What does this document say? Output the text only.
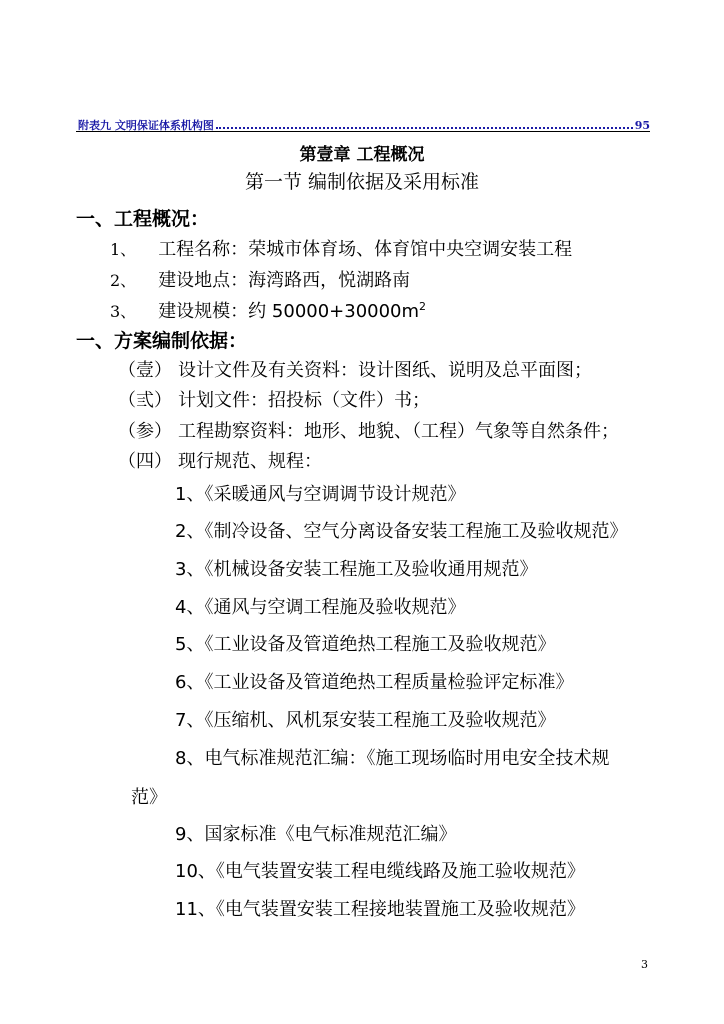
附表九 文明保证体系机构图	95
第壹章 工程概况
第一节 编制依据及采用标准
一、工程概况：
1、 工程名称：荣城市体育场、体育馆中央空调安装工程
2、 建设地点：海湾路西，悦湖路南
3、 建设规模：约 $50000+30000m^2$
一、方案编制依据：
（壹） 设计文件及有关资料：设计图纸、说明及总平面图；
（弎） 计划文件：招投标（文件）书；
（参） 工程勘察资料：地形、地貌、（工程）气象等自然条件；
（四） 现行规范、规程：
1、《采暖通风与空调调节设计规范》
2、《制冷设备、空气分离设备安装工程施工及验收规范》
3、《机械设备安装工程施工及验收通用规范》
4、《通风与空调工程施及验收规范》
5、《工业设备及管道绝热工程施工及验收规范》
6、《工业设备及管道绝热工程质量检验评定标准》
7、《压缩机、风机泵安装工程施工及验收规范》
8、电气标准规范汇编：《施工现场临时用电安全技术规
范》
9、国家标准《电气标准规范汇编》
10、《电气装置安装工程电缆线路及施工验收规范》
11、《电气装置安装工程接地装置施工及验收规范》
3
